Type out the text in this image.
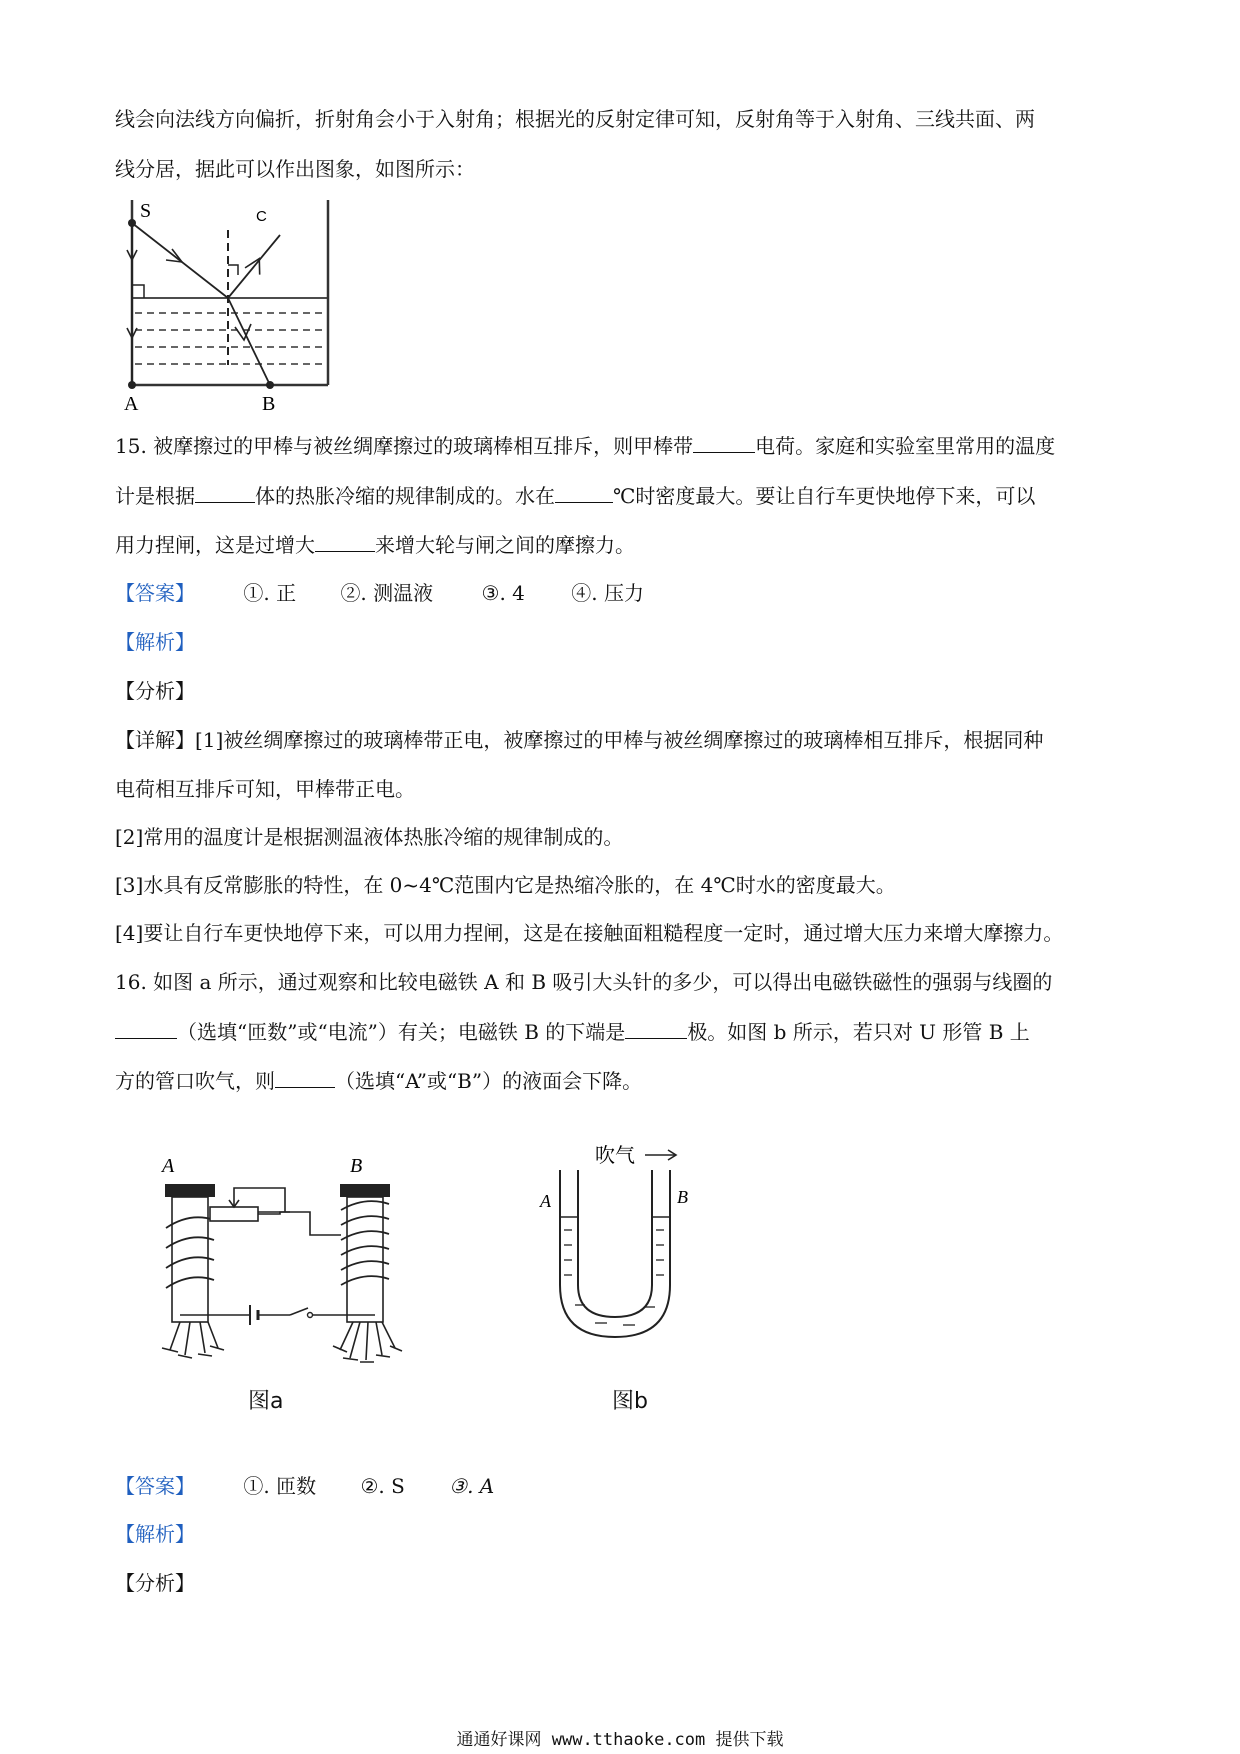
线会向法线方向偏折，折射角会小于入射角；根据光的反射定律可知，反射角等于入射角、三线共面、两
线分居，据此可以作出图象，如图所示：
S	C
A	B
15. 被摩擦过的甲棒与被丝绸摩擦过的玻璃棒相互排斥，则甲棒带	电荷。家庭和实验室里常用的温度
计是根据	体的热胀冷缩的规律制成的。水在	℃时密度最大。要让自行车更快地停下来，可以
用力捏闸，这是过增大	来增大轮与闸之间的摩擦力。
【答案】 ①. 正 ②. 测温液 ③. 4 ④. 压力
【解析】
【分析】
【详解】[1]被丝绸摩擦过的玻璃棒带正电，被摩擦过的甲棒与被丝绸摩擦过的玻璃棒相互排斥，根据同种
电荷相互排斥可知，甲棒带正电。
[2]常用的温度计是根据测温液体热胀冷缩的规律制成的。
[3]水具有反常膨胀的特性，在 0~4℃范围内它是热缩冷胀的，在 4℃时水的密度最大。
[4]要让自行车更快地停下来，可以用力捏闸，这是在接触面粗糙程度一定时，通过增大压力来增大摩擦力。
16. 如图 a 所示，通过观察和比较电磁铁 A 和 B 吸引大头针的多少，可以得出电磁铁磁性的强弱与线圈的
（选填“匝数”或“电流”）有关；电磁铁 B 的下端是	极。如图 b 所示，若只对 U 形管 B 上
方的管口吹气，则	（选填“A”或“B”）的液面会下降。
A	B
图a
吹气
A	B
图b
【答案】 ①. 匝数 ②. S ③. A
【解析】
【分析】
通通好课网 www.tthaoke.com 提供下载
